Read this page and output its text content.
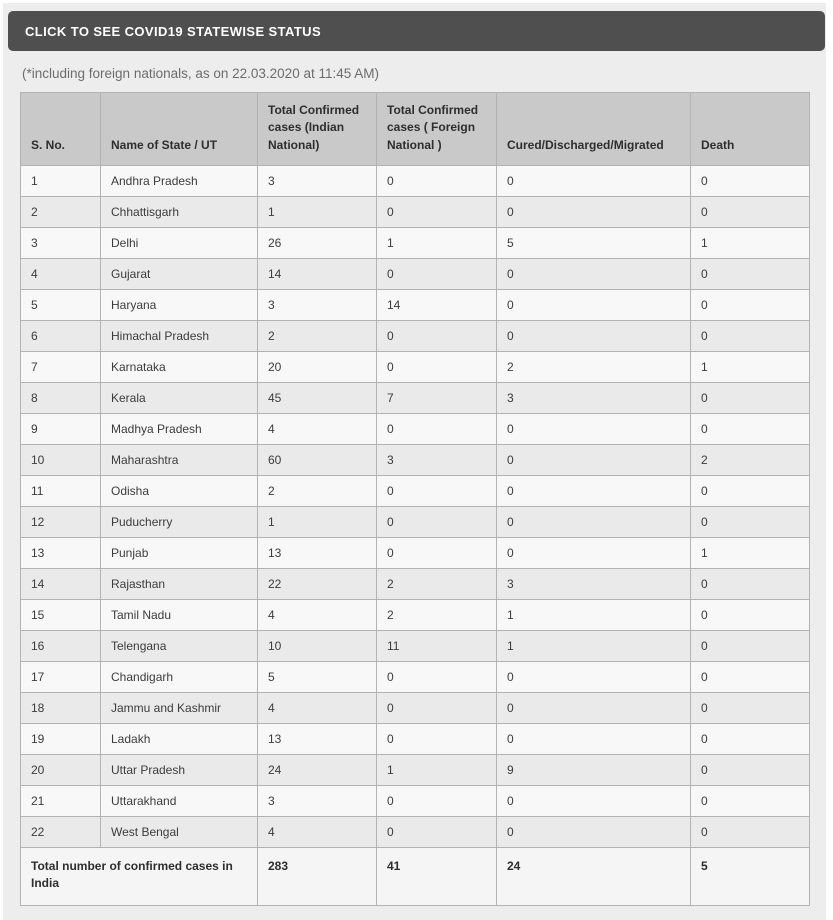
CLICK TO SEE COVID19 STATEWISE STATUS
(*including foreign nationals, as on 22.03.2020 at 11:45 AM)
S. No.	Name of State / UT	Total Confirmed cases (Indian National)	Total Confirmed cases ( Foreign National )	Cured/Discharged/Migrated	Death
1	Andhra Pradesh	3	0	0	0
2	Chhattisgarh	1	0	0	0
3	Delhi	26	1	5	1
4	Gujarat	14	0	0	0
5	Haryana	3	14	0	0
6	Himachal Pradesh	2	0	0	0
7	Karnataka	20	0	2	1
8	Kerala	45	7	3	0
9	Madhya Pradesh	4	0	0	0
10	Maharashtra	60	3	0	2
11	Odisha	2	0	0	0
12	Puducherry	1	0	0	0
13	Punjab	13	0	0	1
14	Rajasthan	22	2	3	0
15	Tamil Nadu	4	2	1	0
16	Telengana	10	11	1	0
17	Chandigarh	5	0	0	0
18	Jammu and Kashmir	4	0	0	0
19	Ladakh	13	0	0	0
20	Uttar Pradesh	24	1	9	0
21	Uttarakhand	3	0	0	0
22	West Bengal	4	0	0	0
Total number of confirmed cases in India		283	41	24	5
